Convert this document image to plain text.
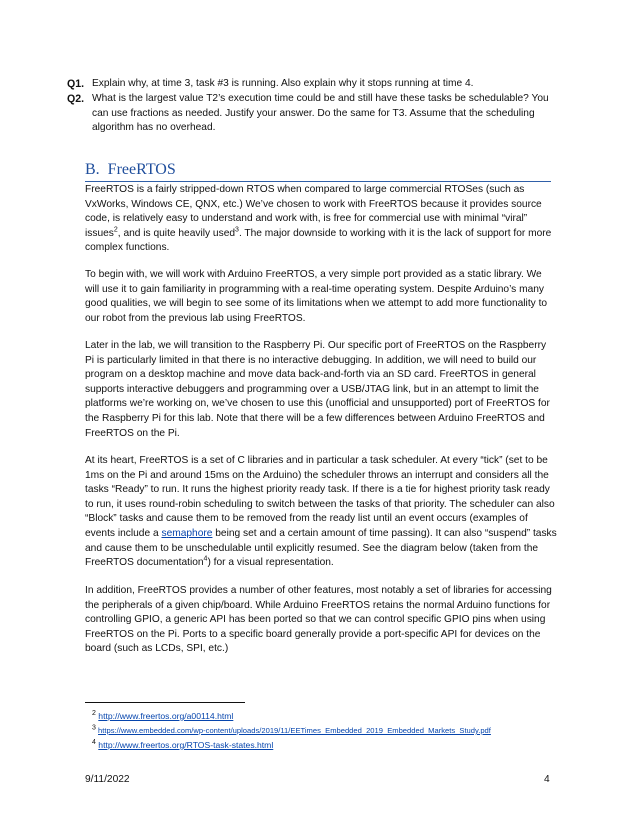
Q1. Explain why, at time 3, task #3 is running. Also explain why it stops running at time 4.
Q2. What is the largest value T2’s execution time could be and still have these tasks be schedulable? You can use fractions as needed. Justify your answer. Do the same for T3. Assume that the scheduling algorithm has no overhead.
B. FreeRTOS

FreeRTOS is a fairly stripped-down RTOS when compared to large commercial RTOSes (such as VxWorks, Windows CE, QNX, etc.) We’ve chosen to work with FreeRTOS because it provides source code, is relatively easy to understand and work with, is free for commercial use with minimal “viral” issues$^2$, and is quite heavily used$^3$. The major downside to working with it is the lack of support for more complex functions.

To begin with, we will work with Arduino FreeRTOS, a very simple port provided as a static library. We will use it to gain familiarity in programming with a real-time operating system. Despite Arduino’s many good qualities, we will begin to see some of its limitations when we attempt to add more functionality to our robot from the previous lab using FreeRTOS.

Later in the lab, we will transition to the Raspberry Pi. Our specific port of FreeRTOS on the Raspberry Pi is particularly limited in that there is no interactive debugging. In addition, we will need to build our program on a desktop machine and move data back-and-forth via an SD card. FreeRTOS in general supports interactive debuggers and programming over a USB/JTAG link, but in an attempt to limit the platforms we’re working on, we’ve chosen to use this (unofficial and unsupported) port of FreeRTOS for the Raspberry Pi for this lab. Note that there will be a few differences between Arduino FreeRTOS and FreeRTOS on the Pi.

At its heart, FreeRTOS is a set of C libraries and in particular a task scheduler. At every “tick” (set to be 1ms on the Pi and around 15ms on the Arduino) the scheduler throws an interrupt and considers all the tasks “Ready” to run. It runs the highest priority ready task. If there is a tie for highest priority task ready to run, it uses round-robin scheduling to switch between the tasks of that priority. The scheduler can also “Block” tasks and cause them to be removed from the ready list until an event occurs (examples of events include a semaphore being set and a certain amount of time passing). It can also “suspend” tasks and cause them to be unschedulable until explicitly resumed. See the diagram below (taken from the FreeRTOS documentation$^4$) for a visual representation.

In addition, FreeRTOS provides a number of other features, most notably a set of libraries for accessing the peripherals of a given chip/board. While Arduino FreeRTOS retains the normal Arduino functions for controlling GPIO, a generic API has been ported so that we can control specific GPIO pins when using FreeRTOS on the Pi. Ports to a specific board generally provide a port-specific API for devices on the board (such as LCDs, SPI, etc.)

$^2$ http://www.freertos.org/a00114.html
$^3$ https://www.embedded.com/wp-content/uploads/2019/11/EETimes_Embedded_2019_Embedded_Markets_Study.pdf
$^4$ http://www.freertos.org/RTOS-task-states.html
9/11/2022	4
